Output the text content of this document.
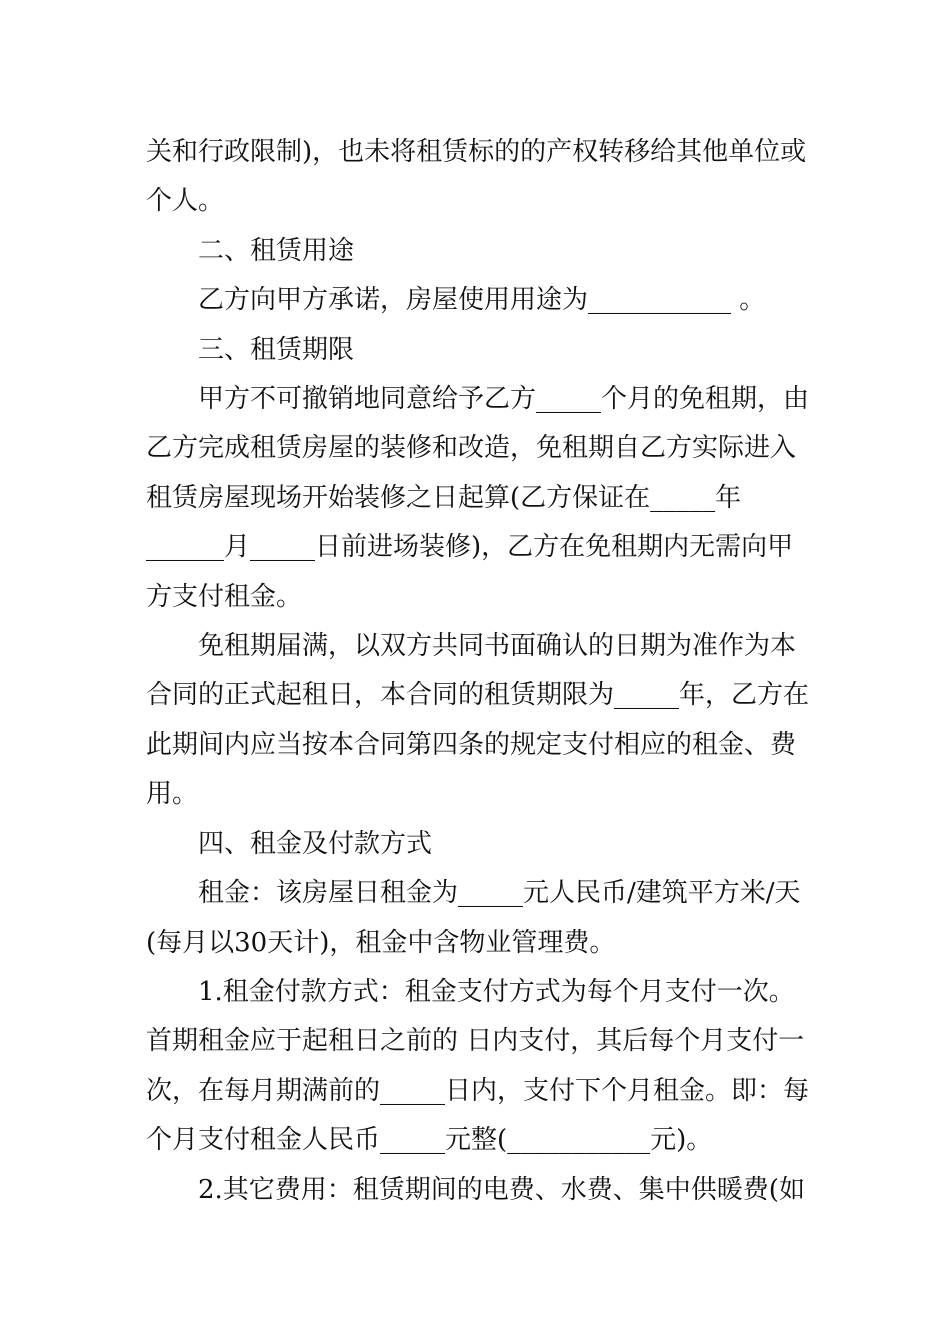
关和行政限制)，也未将租赁标的的产权转移给其他单位或个人。

二、租赁用途

乙方向甲方承诺，房屋使用用途为___________ 。

三、租赁期限

甲方不可撤销地同意给予乙方_____个月的免租期，由乙方完成租赁房屋的装修和改造，免租期自乙方实际进入租赁房屋现场开始装修之日起算(乙方保证在_____年______月_____日前进场装修)，乙方在免租期内无需向甲方支付租金。

免租期届满，以双方共同书面确认的日期为准作为本合同的正式起租日，本合同的租赁期限为_____年，乙方在此期间内应当按本合同第四条的规定支付相应的租金、费用。

四、租金及付款方式

租金：该房屋日租金为_____元人民币/建筑平方米/天(每月以30天计)，租金中含物业管理费。

1.租金付款方式：租金支付方式为每个月支付一次。首期租金应于起租日之前的 日内支付，其后每个月支付一次，在每月期满前的_____日内，支付下个月租金。即：每个月支付租金人民币_____元整(___________元)。

2.其它费用：租赁期间的电费、水费、集中供暖费(如
